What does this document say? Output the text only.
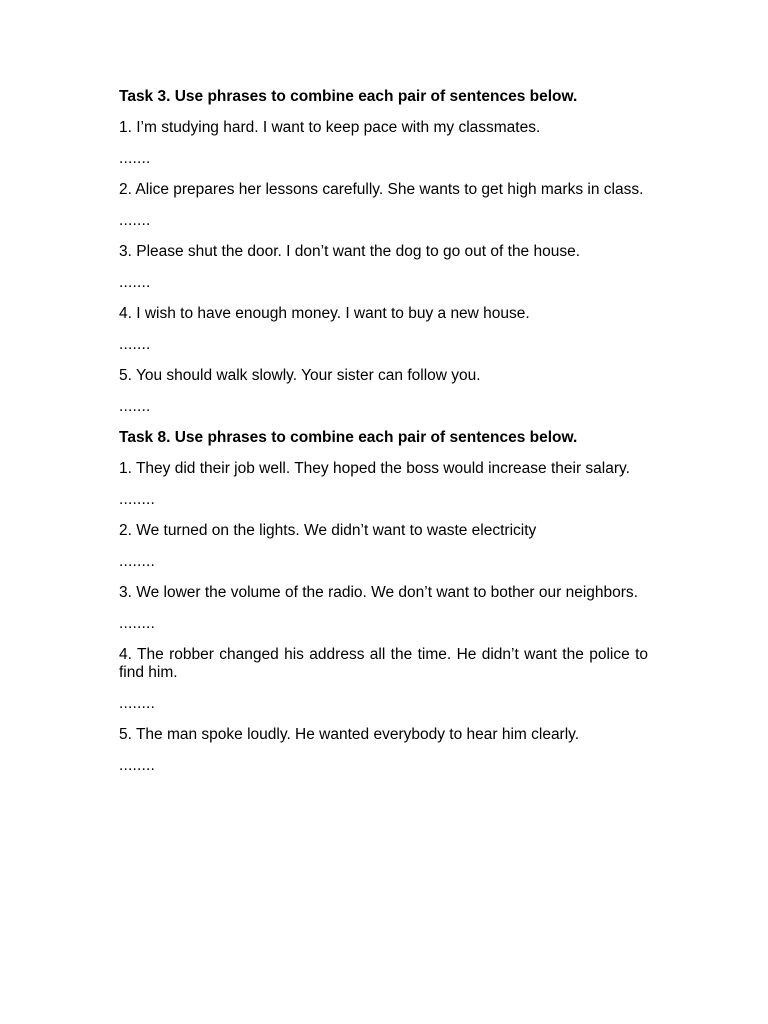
Task 3. Use phrases to combine each pair of sentences below.

1. I’m studying hard. I want to keep pace with my classmates.

.......

2. Alice prepares her lessons carefully. She wants to get high marks in class.

.......

3. Please shut the door. I don’t want the dog to go out of the house.

.......

4. I wish to have enough money. I want to buy a new house.

.......

5. You should walk slowly. Your sister can follow you.

.......

Task 8. Use phrases to combine each pair of sentences below.

1. They did their job well. They hoped the boss would increase their salary.

........

2. We turned on the lights. We didn’t want to waste electricity

........

3. We lower the volume of the radio. We don’t want to bother our neighbors.

........

4. The robber changed his address all the time. He didn’t want the police to find him.

........

5. The man spoke loudly. He wanted everybody to hear him clearly.

........
